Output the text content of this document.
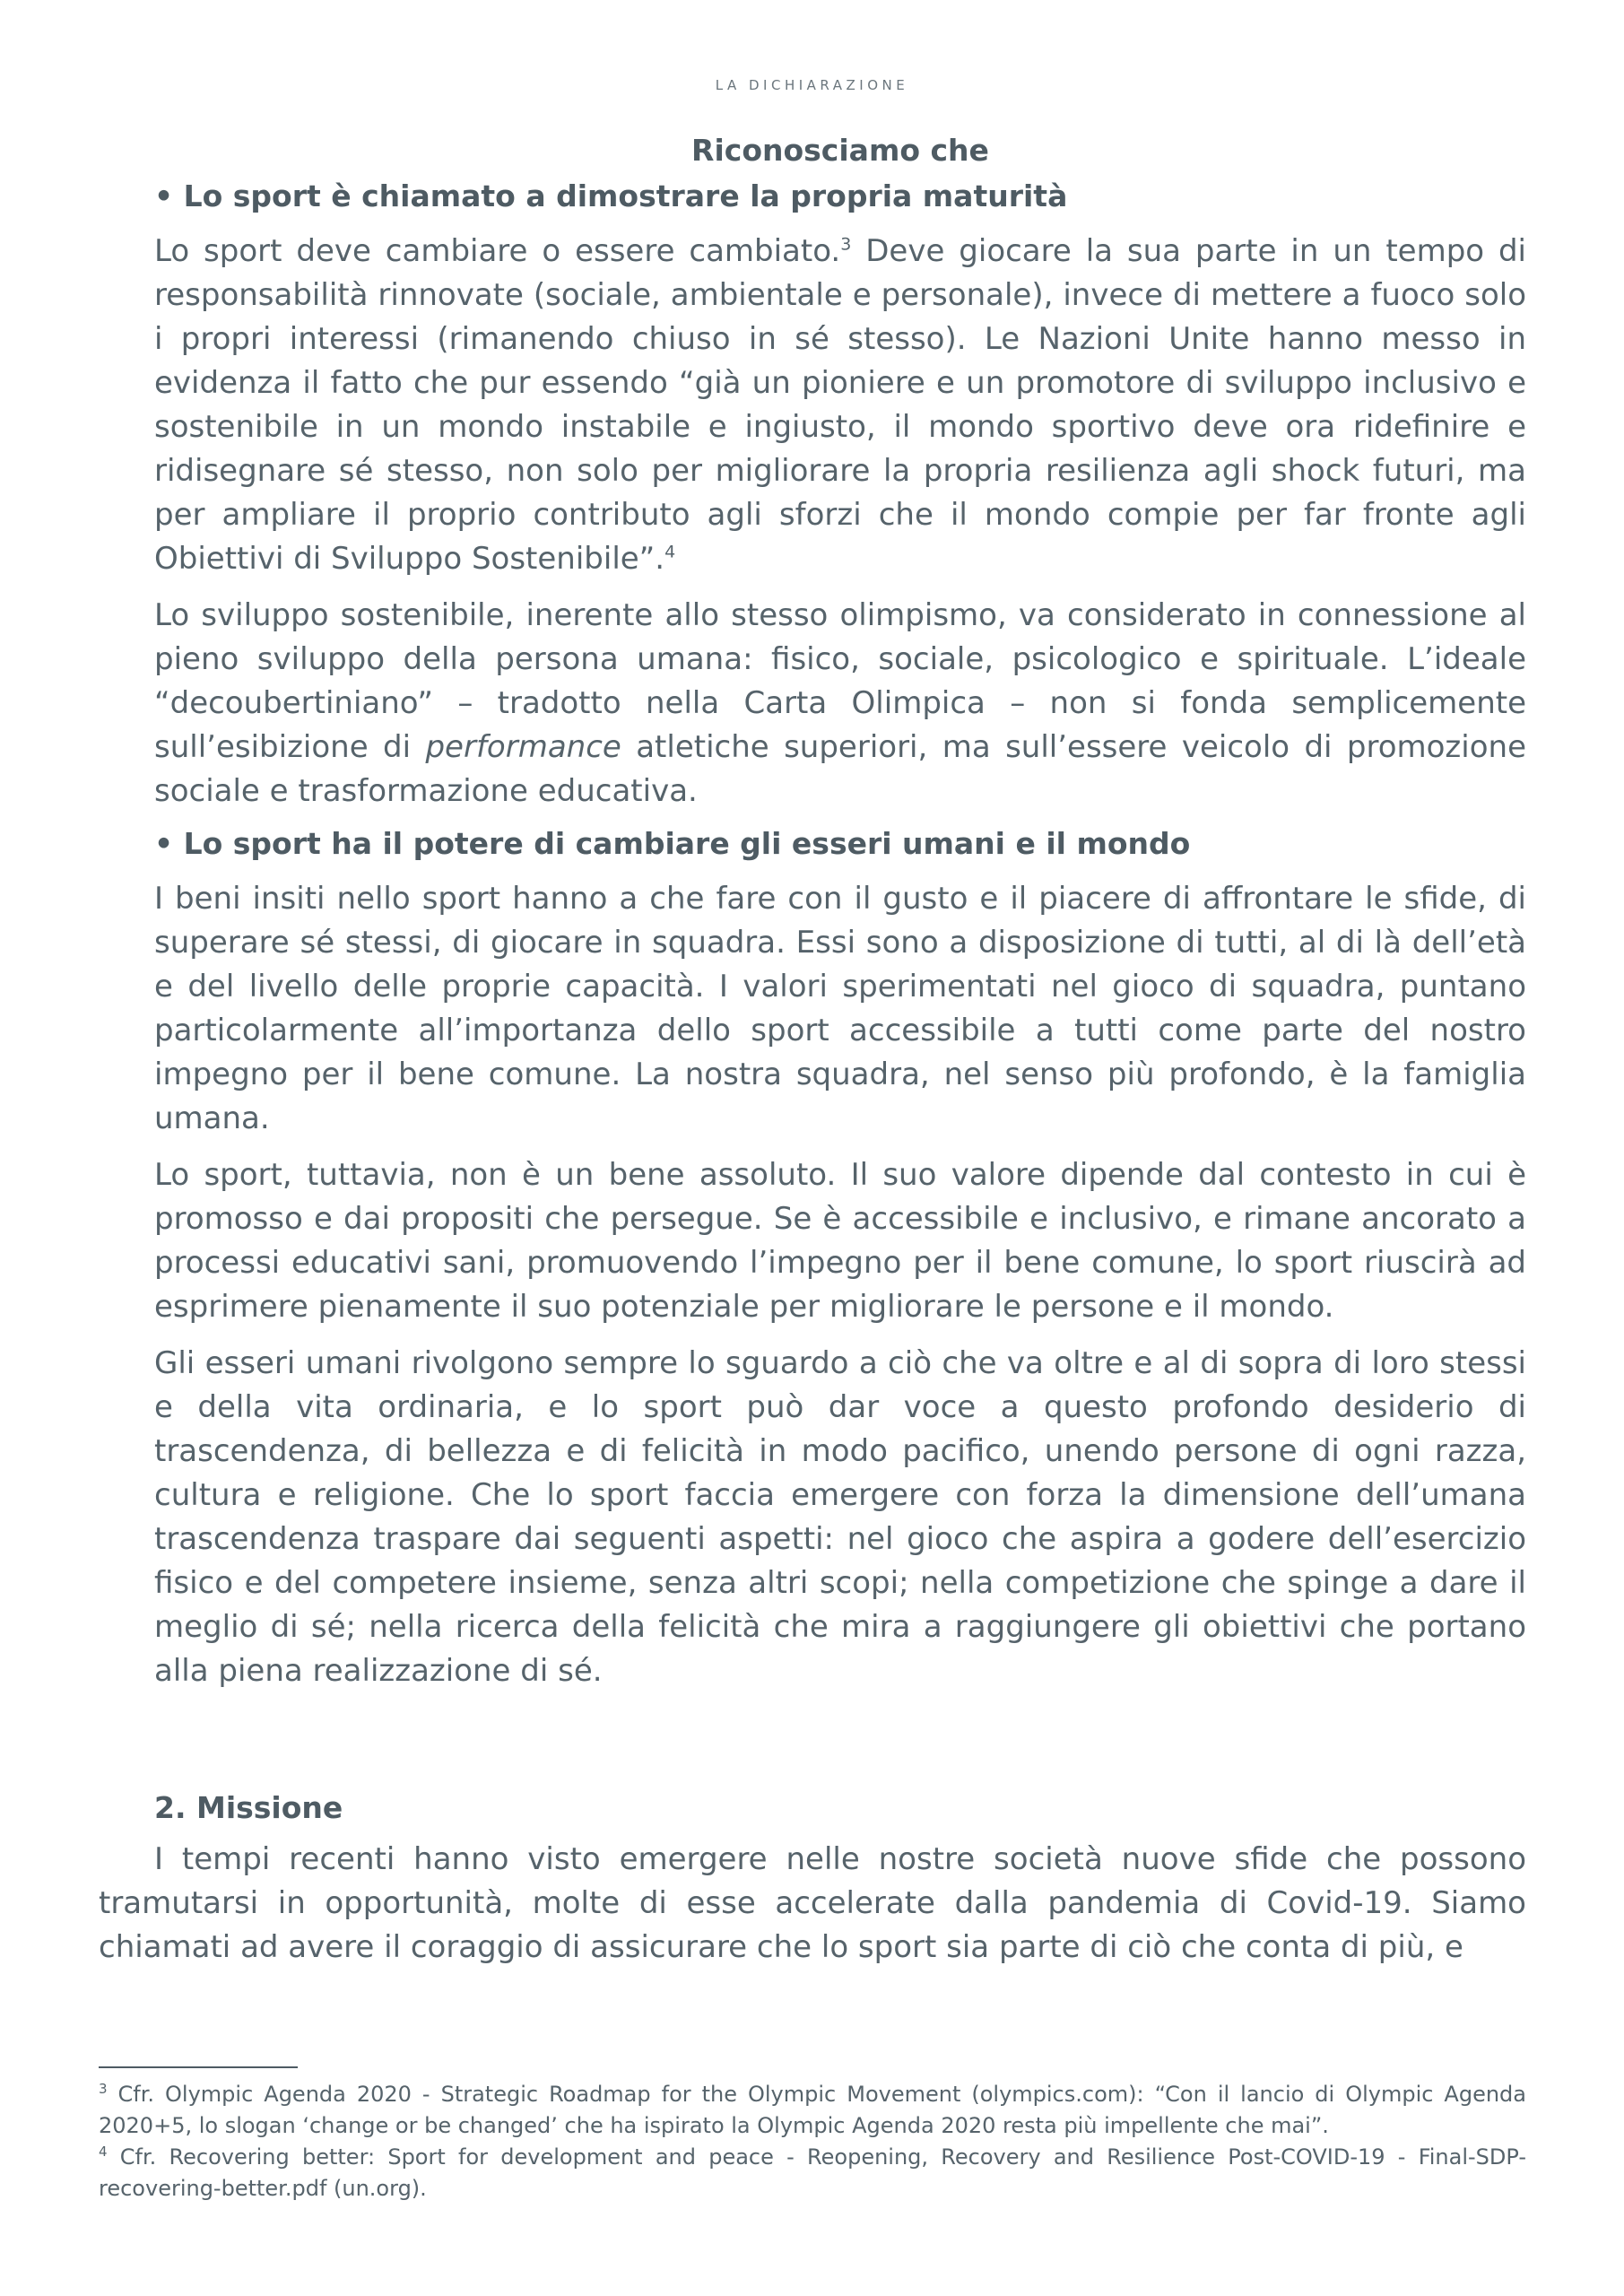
LA DICHIARAZIONE
Riconosciamo che
• Lo sport è chiamato a dimostrare la propria maturità

Lo sport deve cambiare o essere cambiato.$^3$ Deve giocare la sua parte in un tempo di responsabilità rinnovate (sociale, ambientale e personale), invece di mettere a fuoco solo i propri interessi (rimanendo chiuso in sé stesso). Le Nazioni Unite hanno messo in evidenza il fatto che pur essendo “già un pioniere e un promotore di sviluppo inclusivo e sostenibile in un mondo instabile e ingiusto, il mondo sportivo deve ora ridefinire e ridisegnare sé stesso, non solo per migliorare la propria resilienza agli shock futuri, ma per ampliare il proprio contributo agli sforzi che il mondo compie per far fronte agli Obiettivi di Sviluppo Sostenibile”.$^4$

Lo sviluppo sostenibile, inerente allo stesso olimpismo, va considerato in connessione al pieno sviluppo della persona umana: fisico, sociale, psicologico e spirituale. L’ideale “decoubertiniano” – tradotto nella Carta Olimpica – non si fonda semplicemente sull’esibizione di performance atletiche superiori, ma sull’essere veicolo di promozione sociale e trasformazione educativa.

• Lo sport ha il potere di cambiare gli esseri umani e il mondo

I beni insiti nello sport hanno a che fare con il gusto e il piacere di affrontare le sfide, di superare sé stessi, di giocare in squadra. Essi sono a disposizione di tutti, al di là dell’età e del livello delle proprie capacità. I valori sperimentati nel gioco di squadra, puntano particolarmente all’importanza dello sport accessibile a tutti come parte del nostro impegno per il bene comune. La nostra squadra, nel senso più profondo, è la famiglia umana.

Lo sport, tuttavia, non è un bene assoluto. Il suo valore dipende dal contesto in cui è promosso e dai propositi che persegue. Se è accessibile e inclusivo, e rimane ancorato a processi educativi sani, promuovendo l’impegno per il bene comune, lo sport riuscirà ad esprimere pienamente il suo potenziale per migliorare le persone e il mondo.

Gli esseri umani rivolgono sempre lo sguardo a ciò che va oltre e al di sopra di loro stessi e della vita ordinaria, e lo sport può dar voce a questo profondo desiderio di trascendenza, di bellezza e di felicità in modo pacifico, unendo persone di ogni razza, cultura e religione. Che lo sport faccia emergere con forza la dimensione dell’umana trascendenza traspare dai seguenti aspetti: nel gioco che aspira a godere dell’esercizio fisico e del competere insieme, senza altri scopi; nella competizione che spinge a dare il meglio di sé; nella ricerca della felicità che mira a raggiungere gli obiettivi che portano alla piena realizzazione di sé.

2. Missione

I tempi recenti hanno visto emergere nelle nostre società nuove sfide che possono tramutarsi in opportunità, molte di esse accelerate dalla pandemia di Covid-19. Siamo chiamati ad avere il coraggio di assicurare che lo sport sia parte di ciò che conta di più, e

$^3$ Cfr. Olympic Agenda 2020 - Strategic Roadmap for the Olympic Movement (olympics.com): “Con il lancio di Olympic Agenda 2020+5, lo slogan ‘change or be changed’ che ha ispirato la Olympic Agenda 2020 resta più impellente che mai”.

$^4$ Cfr. Recovering better: Sport for development and peace - Reopening, Recovery and Resilience Post-COVID-19 - Final-SDP-recovering-better.pdf (un.org).
